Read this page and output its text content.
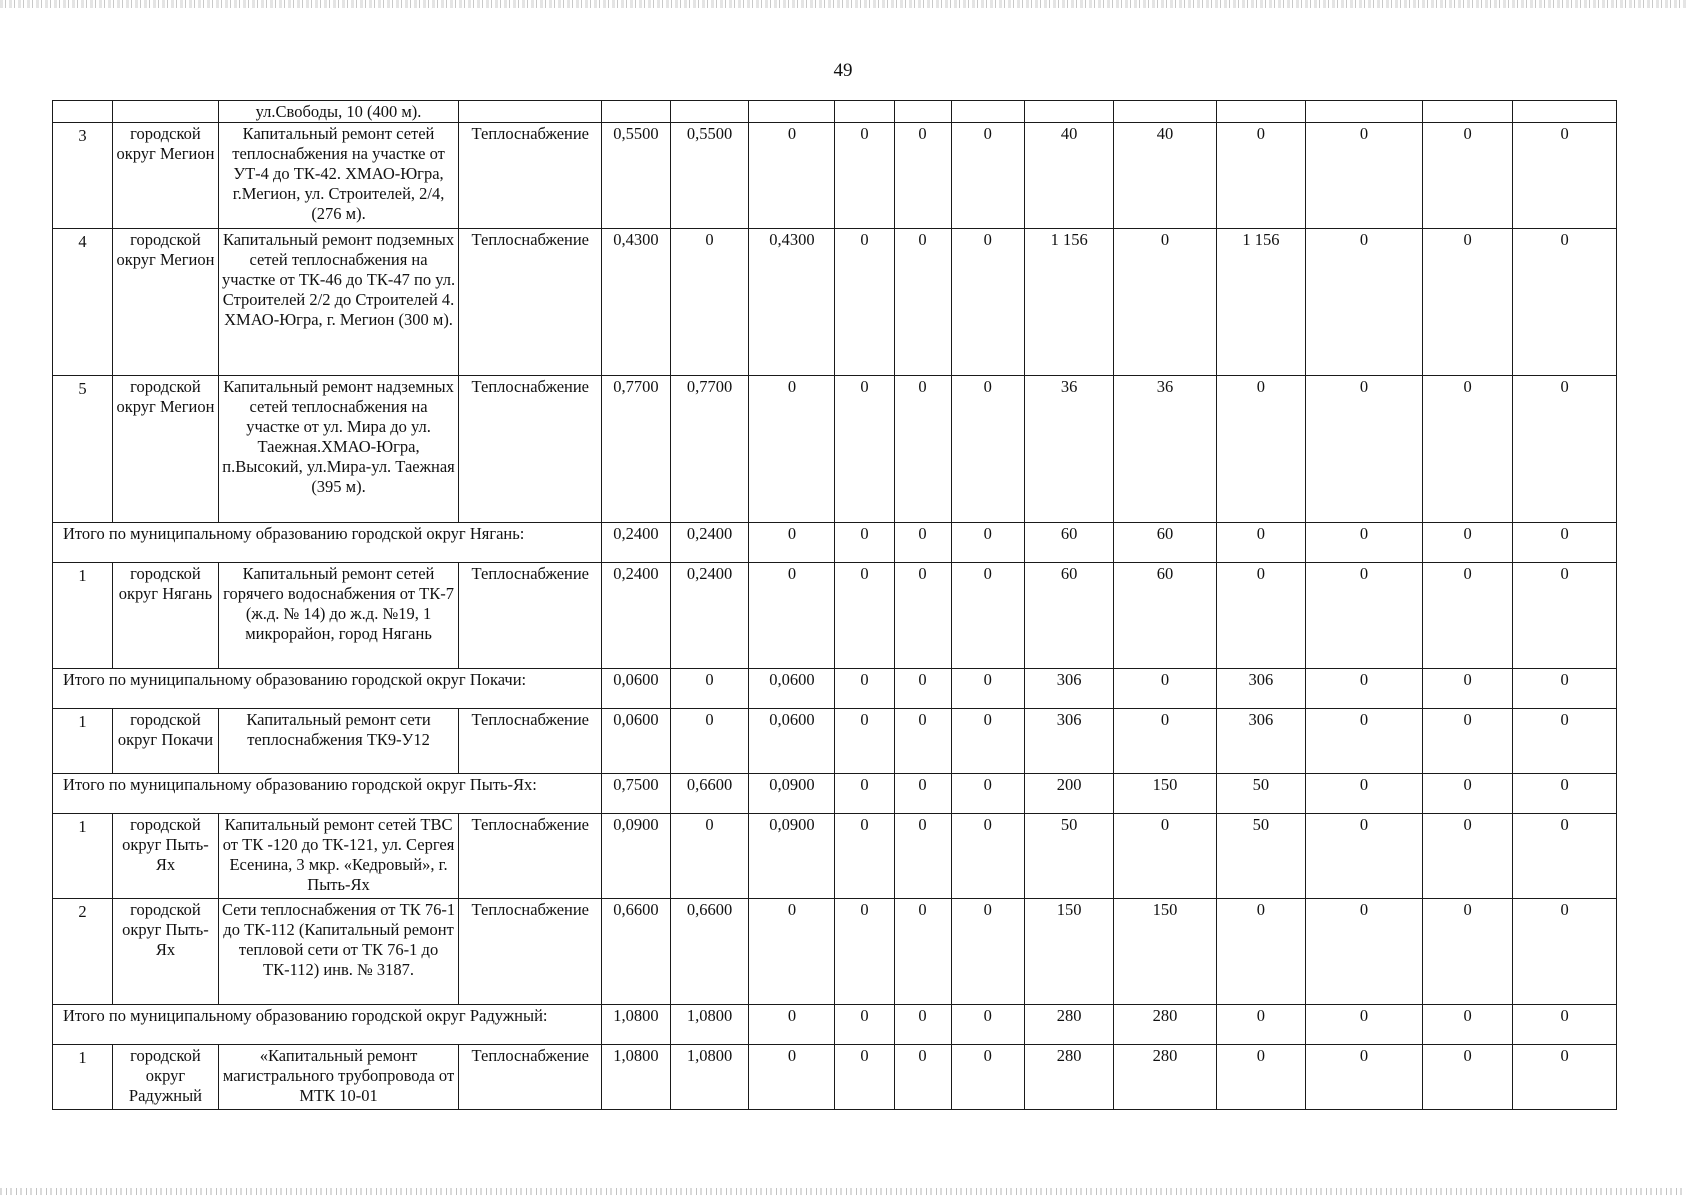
49
		ул.Свободы, 10 (400 м).													
3	городской округ Мегион	Капитальный ремонт сетей теплоснабжения на участке от УТ-4 до ТК-42. ХМАО-Югра, г.Мегион, ул. Строителей, 2/4, (276 м).	Теплоснабжение	0,5500	0,5500	0	0	0	0	40	40	0	0	0	0
4	городской округ Мегион	Капитальный ремонт подземных сетей теплоснабжения на участке от ТК-46 до ТК-47 по ул. Строителей 2/2 до Строителей 4. ХМАО-Югра, г. Мегион (300 м).	Теплоснабжение	0,4300	0	0,4300	0	0	0	1 156	0	1 156	0	0	0
5	городской округ Мегион	Капитальный ремонт надземных сетей теплоснабжения на участке от ул. Мира до ул. Таежная.ХМАО-Югра, п.Высокий, ул.Мира-ул. Таежная (395 м).	Теплоснабжение	0,7700	0,7700	0	0	0	0	36	36	0	0	0	0
Итого по муниципальному образованию городской округ Нягань:				0,2400	0,2400	0	0	0	0	60	60	0	0	0	0
1	городской округ Нягань	Капитальный ремонт сетей горячего водоснабжения от ТК-7 (ж.д. № 14) до ж.д. №19, 1 микрорайон, город Нягань	Теплоснабжение	0,2400	0,2400	0	0	0	0	60	60	0	0	0	0
Итого по муниципальному образованию городской округ Покачи:				0,0600	0	0,0600	0	0	0	306	0	306	0	0	0
1	городской округ Покачи	Капитальный ремонт сети теплоснабжения ТК9-У12	Теплоснабжение	0,0600	0	0,0600	0	0	0	306	0	306	0	0	0
Итого по муниципальному образованию городской округ Пыть-Ях:				0,7500	0,6600	0,0900	0	0	0	200	150	50	0	0	0
1	городской округ Пыть-Ях	Капитальный ремонт сетей ТВС от ТК -120 до ТК-121, ул. Сергея Есенина, 3 мкр. «Кедровый», г. Пыть-Ях	Теплоснабжение	0,0900	0	0,0900	0	0	0	50	0	50	0	0	0
2	городской округ Пыть-Ях	Сети теплоснабжения от ТК 76-1 до ТК-112 (Капитальный ремонт тепловой сети от ТК 76-1 до ТК-112) инв. № 3187.	Теплоснабжение	0,6600	0,6600	0	0	0	0	150	150	0	0	0	0
Итого по муниципальному образованию городской округ Радужный:				1,0800	1,0800	0	0	0	0	280	280	0	0	0	0
1	городской округ Радужный	«Капитальный ремонт магистрального трубопровода от МТК 10-01	Теплоснабжение	1,0800	1,0800	0	0	0	0	280	280	0	0	0	0
